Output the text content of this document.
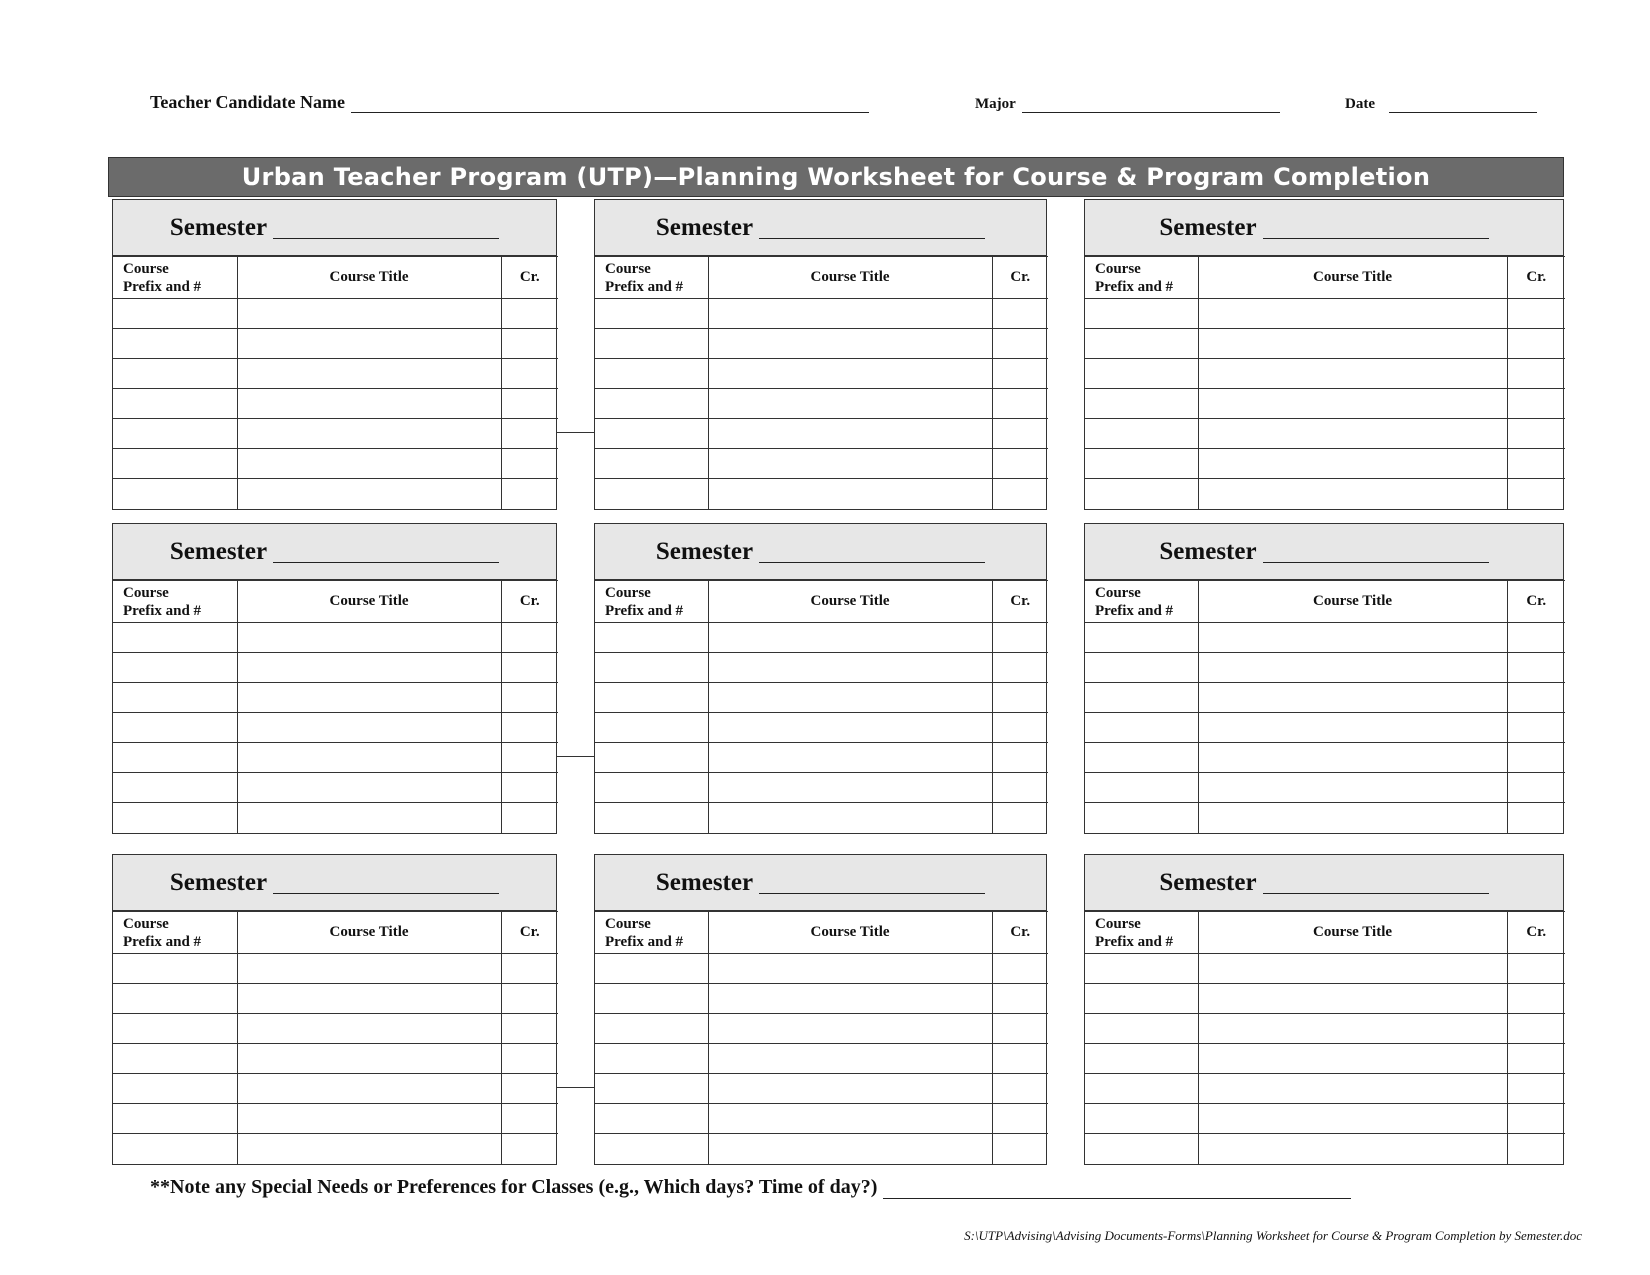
Teacher Candidate Name	Major	Date
Urban Teacher Program (UTP)—Planning Worksheet for Course & Program Completion
Semester
Course
Prefix and #	Course Title	Cr.

Semester
Course
Prefix and #	Course Title	Cr.

Semester
Course
Prefix and #	Course Title	Cr.

Semester
Course
Prefix and #	Course Title	Cr.

Semester
Course
Prefix and #	Course Title	Cr.

Semester
Course
Prefix and #	Course Title	Cr.

Semester
Course
Prefix and #	Course Title	Cr.

Semester
Course
Prefix and #	Course Title	Cr.

Semester
Course
Prefix and #	Course Title	Cr.

**Note any Special Needs or Preferences for Classes (e.g., Which days? Time of day?)
S:\UTP\Advising\Advising Documents-Forms\Planning Worksheet for Course & Program Completion by Semester.doc
